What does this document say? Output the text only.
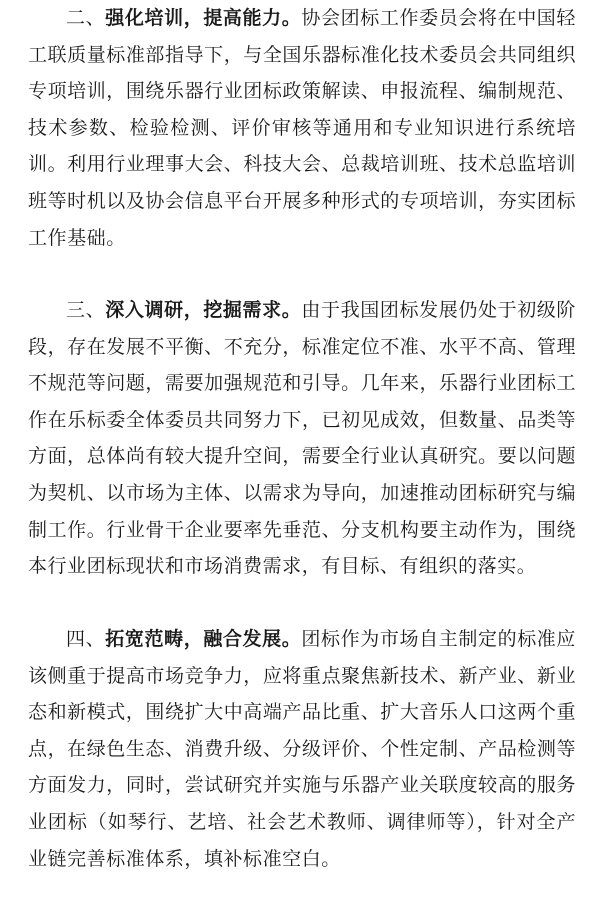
二、强化培训，提高能力。协会团标工作委员会将在中国轻工联质量标准部指导下，与全国乐器标准化技术委员会共同组织专项培训，围绕乐器行业团标政策解读、申报流程、编制规范、技术参数、检验检测、评价审核等通用和专业知识进行系统培训。利用行业理事大会、科技大会、总裁培训班、技术总监培训班等时机以及协会信息平台开展多种形式的专项培训，夯实团标工作基础。

三、深入调研，挖掘需求。由于我国团标发展仍处于初级阶段，存在发展不平衡、不充分，标准定位不准、水平不高、管理不规范等问题，需要加强规范和引导。几年来，乐器行业团标工作在乐标委全体委员共同努力下，已初见成效，但数量、品类等方面，总体尚有较大提升空间，需要全行业认真研究。要以问题为契机、以市场为主体、以需求为导向，加速推动团标研究与编制工作。行业骨干企业要率先垂范、分支机构要主动作为，围绕本行业团标现状和市场消费需求，有目标、有组织的落实。

四、拓宽范畴，融合发展。团标作为市场自主制定的标准应该侧重于提高市场竞争力，应将重点聚焦新技术、新产业、新业态和新模式，围绕扩大中高端产品比重、扩大音乐人口这两个重点，在绿色生态、消费升级、分级评价、个性定制、产品检测等方面发力，同时，尝试研究并实施与乐器产业关联度较高的服务业团标（如琴行、艺培、社会艺术教师、调律师等），针对全产业链完善标准体系，填补标准空白。
